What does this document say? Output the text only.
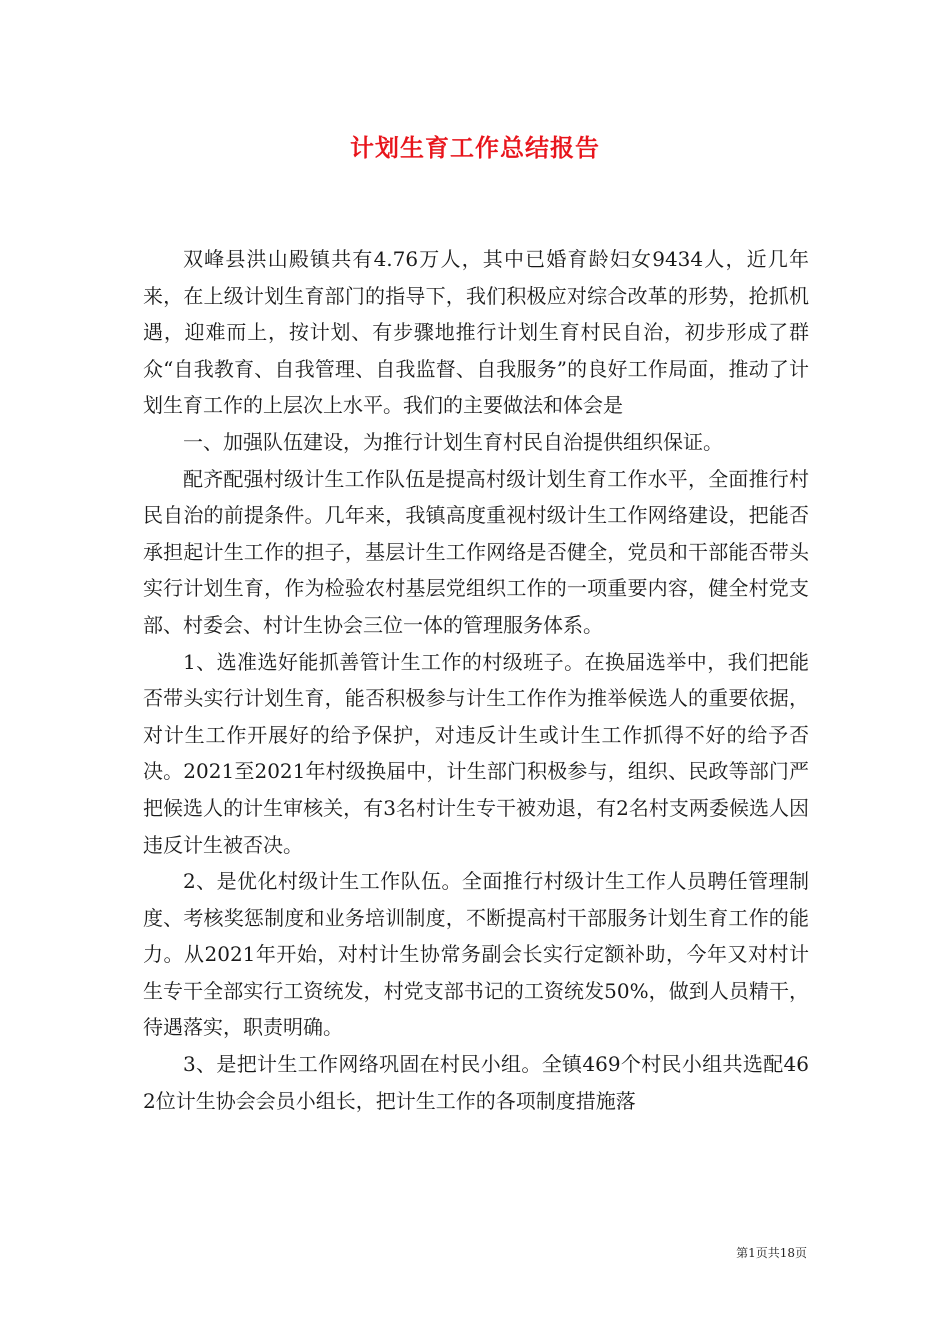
计划生育工作总结报告

双峰县洪山殿镇共有4.76万人，其中已婚育龄妇女9434人，近几年来，在上级计划生育部门的指导下，我们积极应对综合改革的形势，抢抓机遇，迎难而上，按计划、有步骤地推行计划生育村民自治，初步形成了群众“自我教育、自我管理、自我监督、自我服务”的良好工作局面，推动了计划生育工作的上层次上水平。我们的主要做法和体会是

一、加强队伍建设，为推行计划生育村民自治提供组织保证。

配齐配强村级计生工作队伍是提高村级计划生育工作水平，全面推行村民自治的前提条件。几年来，我镇高度重视村级计生工作网络建设，把能否承担起计生工作的担子，基层计生工作网络是否健全，党员和干部能否带头实行计划生育，作为检验农村基层党组织工作的一项重要内容，健全村党支部、村委会、村计生协会三位一体的管理服务体系。

1、选准选好能抓善管计生工作的村级班子。在换届选举中，我们把能否带头实行计划生育，能否积极参与计生工作作为推举候选人的重要依据，对计生工作开展好的给予保护，对违反计生或计生工作抓得不好的给予否决。2021至2021年村级换届中，计生部门积极参与，组织、民政等部门严把候选人的计生审核关，有3名村计生专干被劝退，有2名村支两委候选人因违反计生被否决。

2、是优化村级计生工作队伍。全面推行村级计生工作人员聘任管理制度、考核奖惩制度和业务培训制度，不断提高村干部服务计划生育工作的能力。从2021年开始，对村计生协常务副会长实行定额补助，今年又对村计生专干全部实行工资统发，村党支部书记的工资统发50%，做到人员精干，待遇落实，职责明确。

3、是把计生工作网络巩固在村民小组。全镇469个村民小组共选配462位计生协会会员小组长，把计生工作的各项制度措施落

第1页共18页
